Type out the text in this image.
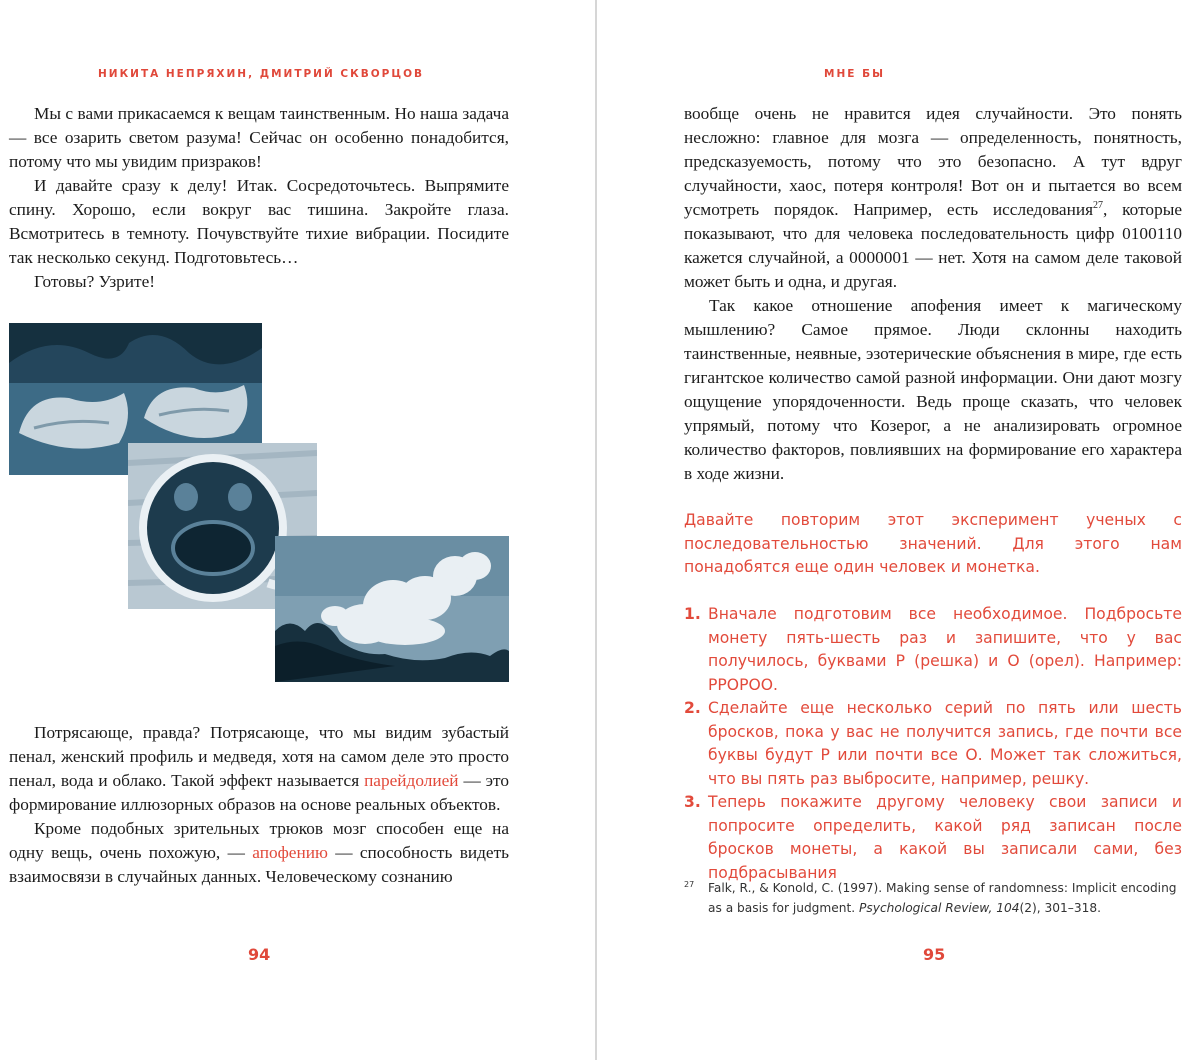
НИКИТА НЕПРЯХИН, ДМИТРИЙ СКВОРЦОВ

Мы с вами прикасаемся к вещам таинственным. Но наша задача — все озарить светом разума! Сейчас он особенно понадобится, потому что мы увидим призраков!

И давайте сразу к делу! Итак. Сосредоточьтесь. Выпрямите спину. Хорошо, если вокруг вас тишина. Закройте глаза. Всмотритесь в темноту. Почувствуйте тихие вибрации. Посидите так несколько секунд. Подготовьтесь…

Готовы? Узрите!

Потрясающе, правда? Потрясающе, что мы видим зубастый пенал, женский профиль и медведя, хотя на самом деле это просто пенал, вода и облако. Такой эффект называется парейдолией — это формирование иллюзорных образов на основе реальных объектов.

Кроме подобных зрительных трюков мозг способен еще на одну вещь, очень похожую, — апофению — способность видеть взаимосвязи в случайных данных. Человеческому сознанию

94
МНЕ БЫ

вообще очень не нравится идея случайности. Это понять несложно: главное для мозга — определенность, понятность, предсказуемость, потому что это безопасно. А тут вдруг случайности, хаос, потеря контроля! Вот он и пытается во всем усмотреть порядок. Например, есть исследования$^{27}$, которые показывают, что для человека последовательность цифр 0100110 кажется случайной, а 0000001 — нет. Хотя на самом деле таковой может быть и одна, и другая.

Так какое отношение апофения имеет к магическому мышлению? Самое прямое. Люди склонны находить таинственные, неявные, эзотерические объяснения в мире, где есть гигантское количество самой разной информации. Они дают мозгу ощущение упорядоченности. Ведь проще сказать, что человек упрямый, потому что Козерог, а не анализировать огромное количество факторов, повлиявших на формирование его характера в ходе жизни.

Давайте повторим этот эксперимент ученых с последовательностью значений. Для этого нам понадобятся еще один человек и монетка.
1. Вначале подготовим все необходимое. Подбросьте монету пять-шесть раз и запишите, что у вас получилось, буквами Р (решка) и О (орел). Например: РРОРОО.
2. Сделайте еще несколько серий по пять или шесть бросков, пока у вас не получится запись, где почти все буквы будут Р или почти все О. Может так сложиться, что вы пять раз выбросите, например, решку.
3. Теперь покажите другому человеку свои записи и попросите определить, какой ряд записан после бросков монеты, а какой вы записали сами, без подбрасывания
27	Falk, R., & Konold, C. (1997). Making sense of randomness: Implicit encoding as a basis for judgment. Psychological Review, 104(2), 301–318.
95
